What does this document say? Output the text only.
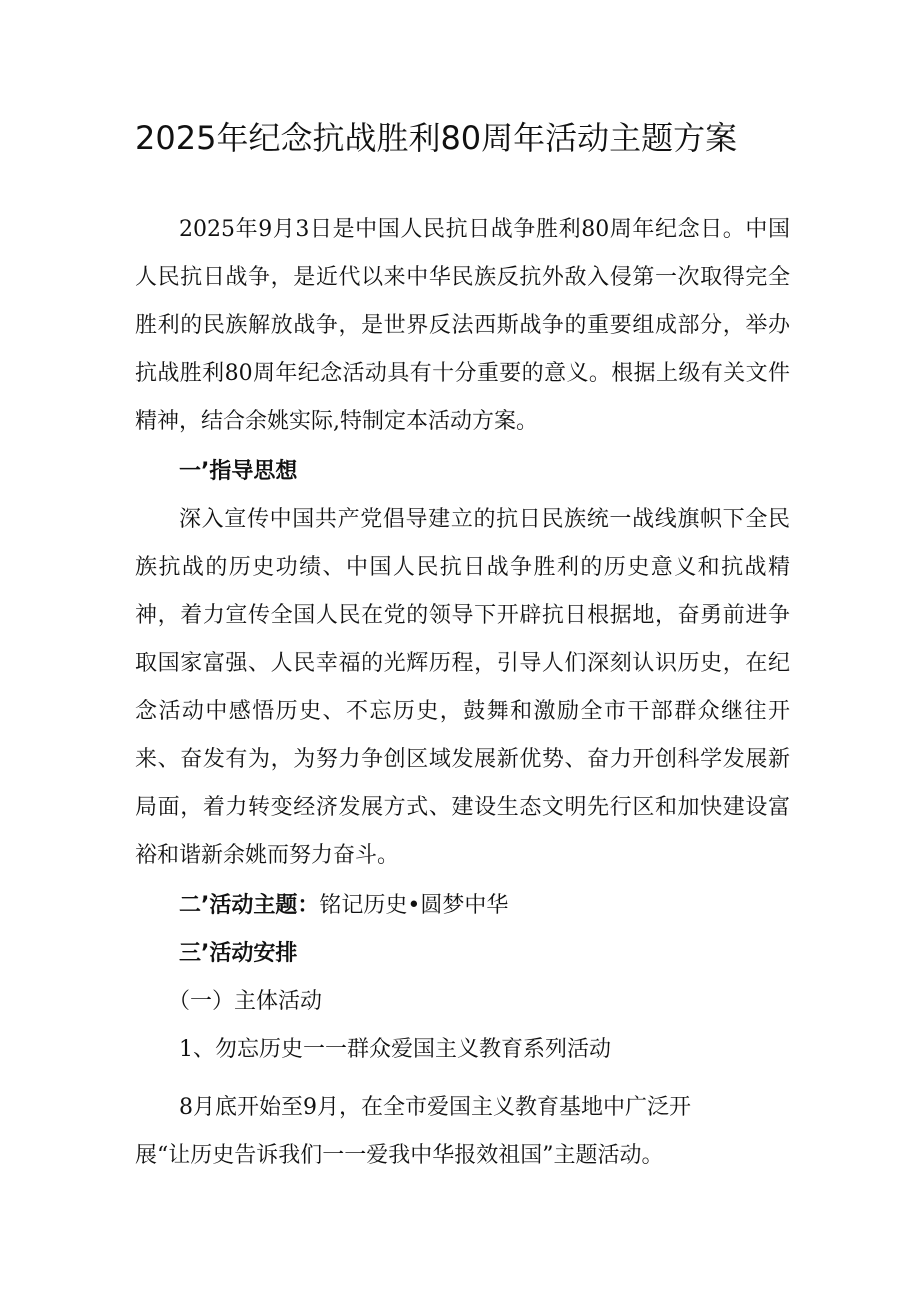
2025年纪念抗战胜利80周年活动主题方案

2025年9月3日是中国人民抗日战争胜利80周年纪念日。中国人民抗日战争，是近代以来中华民族反抗外敌入侵第一次取得完全胜利的民族解放战争，是世界反法西斯战争的重要组成部分，举办抗战胜利80周年纪念活动具有十分重要的意义。根据上级有关文件精神，结合余姚实际,特制定本活动方案。

一’指导思想

深入宣传中国共产党倡导建立的抗日民族统一战线旗帜下全民族抗战的历史功绩、中国人民抗日战争胜利的历史意义和抗战精神，着力宣传全国人民在党的领导下开辟抗日根据地，奋勇前进争取国家富强、人民幸福的光辉历程，引导人们深刻认识历史，在纪念活动中感悟历史、不忘历史，鼓舞和激励全市干部群众继往开来、奋发有为，为努力争创区域发展新优势、奋力开创科学发展新局面，着力转变经济发展方式、建设生态文明先行区和加快建设富裕和谐新余姚而努力奋斗。

二’活动主题：铭记历史•圆梦中华
三’活动安排
（一）主体活动
1、勿忘历史一一群众爱国主义教育系列活动
8月底开始至9月，在全市爱国主义教育基地中广泛开
展“让历史告诉我们一一爱我中华报效祖国”主题活动。
